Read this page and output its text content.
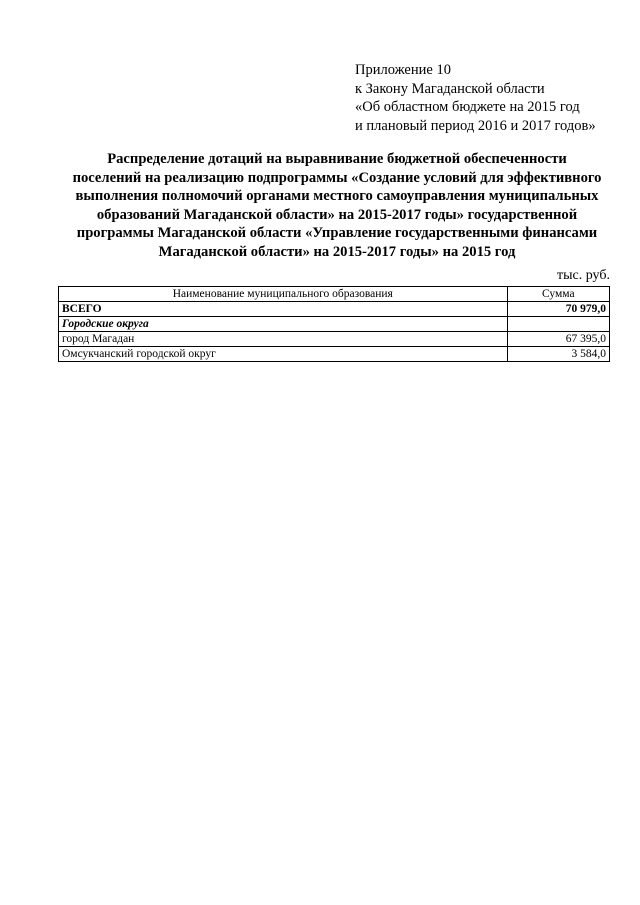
Приложение 10
к Закону Магаданской области
«Об областном бюджете на 2015 год
и плановый период 2016 и 2017 годов»
Распределение дотаций на выравнивание бюджетной обеспеченности
поселений на реализацию подпрограммы «Создание условий для эффективного
выполнения полномочий органами местного самоуправления муниципальных
образований Магаданской области» на 2015-2017 годы» государственной
программы Магаданской области «Управление государственными финансами
Магаданской области» на 2015-2017 годы» на 2015 год
тыс. руб.
Наименование муниципального образования	Сумма
ВСЕГО	70 979,0
Городские округа	
город Магадан	67 395,0
Омсукчанский городской округ	3 584,0
